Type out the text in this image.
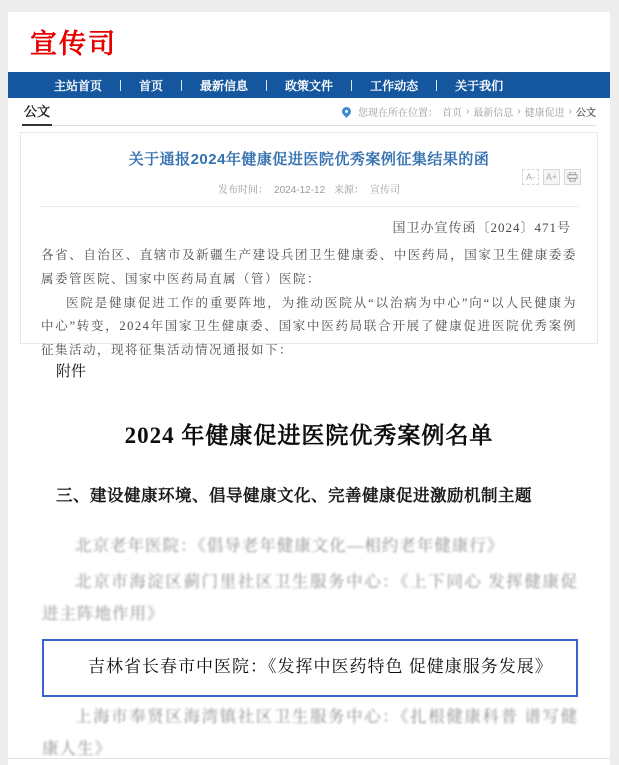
宣传司
主站首页	首页	最新信息	政策文件	工作动态	关于我们
公文	您现在所在位置： 首页 › 最新信息 › 健康促进 › 公文
关于通报2024年健康促进医院优秀案例征集结果的函
发布时间： 2024-12-12 来源： 宣传司
A-	A+
国卫办宣传函〔2024〕471号

各省、自治区、直辖市及新疆生产建设兵团卫生健康委、中医药局，国家卫生健康委委属委管医院、国家中医药局直属（管）医院：

医院是健康促进工作的重要阵地，为推动医院从“以治病为中心”向“以人民健康为中心”转变，2024年国家卫生健康委、国家中医药局联合开展了健康促进医院优秀案例征集活动，现将征集活动情况通报如下：

附件
2024 年健康促进医院优秀案例名单
三、建设健康环境、倡导健康文化、完善健康促进激励机制主题

北京老年医院：《倡导老年健康文化—相约老年健康行》

北京市海淀区蓟门里社区卫生服务中心：《上下同心 发挥健康促进主阵地作用》

吉林省长春市中医院：《发挥中医药特色 促健康服务发展》

上海市奉贤区海湾镇社区卫生服务中心：《扎根健康科普 谱写健康人生》
